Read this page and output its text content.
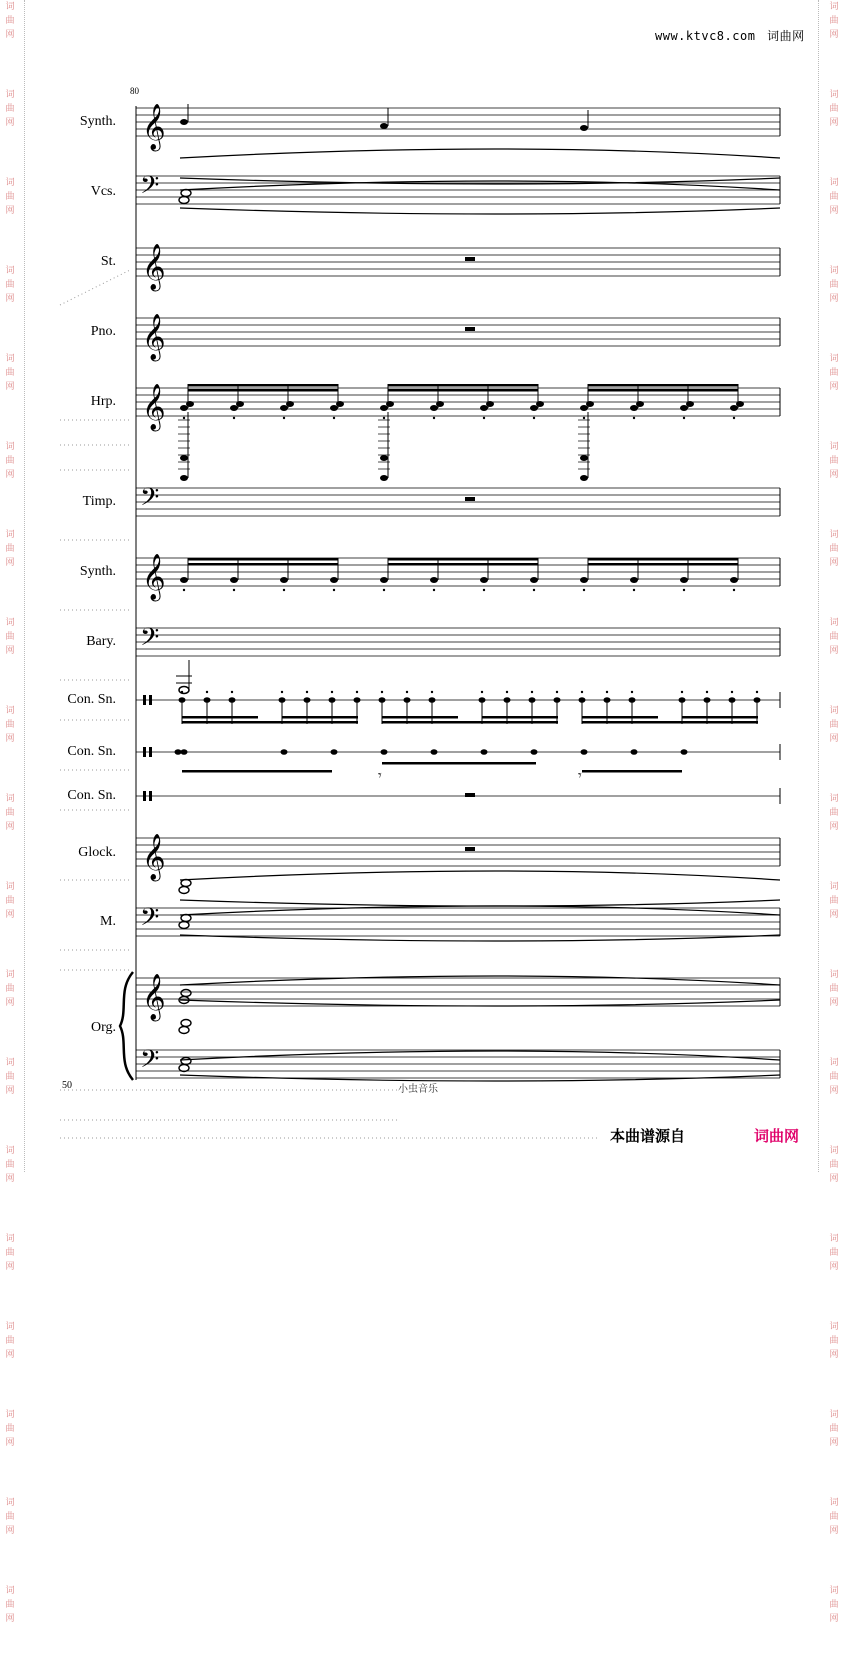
www.ktvc8.com 词曲网
词
曲
网
词
曲
网
词
曲
网
词
曲
网
词
曲
网
词
曲
网
词
曲
网
词
曲
网
词
曲
网
词
曲
网
词
曲
网
词
曲
网
词
曲
网
词
曲
网
词
曲
网
词
曲
网
词
曲
网
词
曲
网
词
曲
网
词
曲
网
词
曲
网
词
曲
网
词
曲
网
词
曲
网
词
曲
网
词
曲
网
词
曲
网
词
曲
网
词
曲
网
词
曲
网
词
曲
网
词
曲
网
词
曲
网
词
曲
网
词
曲
网
词
曲
网
词
曲
网
词
曲
网
80
Synth.
Vcs.
St.
Pno.
Hrp.
Timp.
Synth.
Bary.
Con. Sn.
Con. Sn.
Con. Sn.
Glock.
M.
Org.
𝄞
𝄢
𝄞
𝄞
𝄞
𝄢
𝄞
𝄢
𝄞
𝄢
𝄞
𝄢
𝄾	𝄾
50	小虫音乐
本曲谱源自	词曲网
